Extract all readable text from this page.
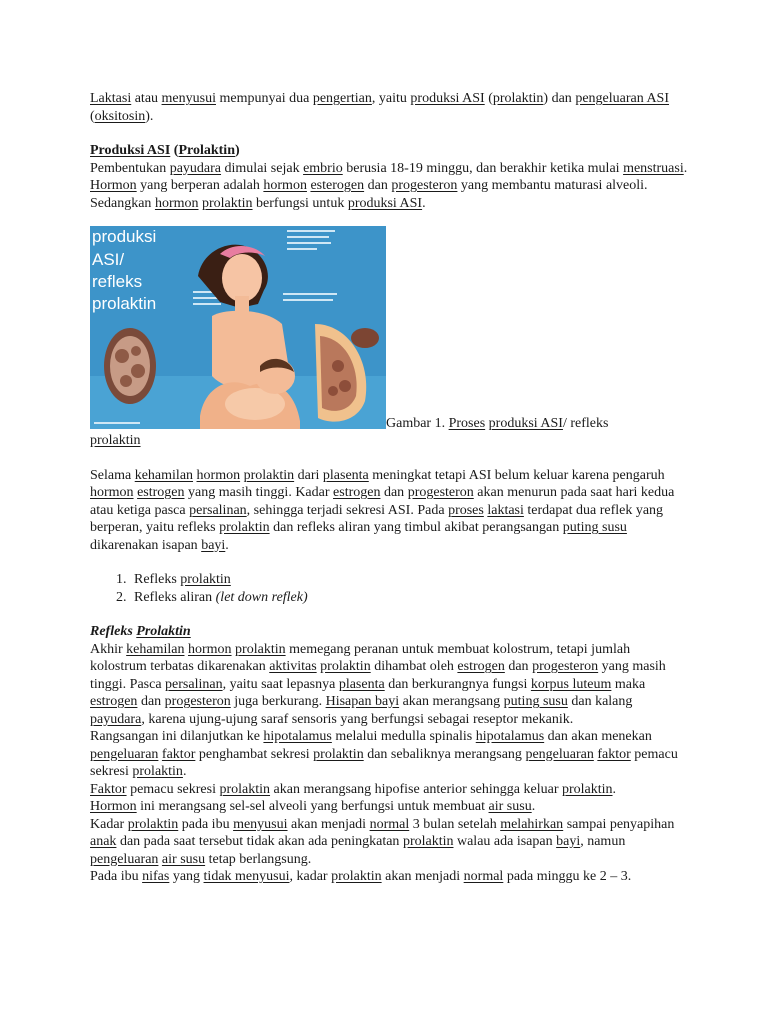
Laktasi atau menyusui mempunyai dua pengertian, yaitu produksi ASI (prolaktin) dan pengeluaran ASI (oksitosin).

Produksi ASI (Prolaktin)

Pembentukan payudara dimulai sejak embrio berusia 18-19 minggu, dan berakhir ketika mulai menstruasi. Hormon yang berperan adalah hormon esterogen dan progesteron yang membantu maturasi alveoli. Sedangkan hormon prolaktin berfungsi untuk produksi ASI.

produksi
ASI/
refleks
prolaktin
Gambar 1. Proses produksi ASI/ refleks

prolaktin

Selama kehamilan hormon prolaktin dari plasenta meningkat tetapi ASI belum keluar karena pengaruh hormon estrogen yang masih tinggi. Kadar estrogen dan progesteron akan menurun pada saat hari kedua atau ketiga pasca persalinan, sehingga terjadi sekresi ASI. Pada proses laktasi terdapat dua reflek yang berperan, yaitu refleks prolaktin dan refleks aliran yang timbul akibat perangsangan puting susu dikarenakan isapan bayi.

1. Refleks prolaktin
2. Refleks aliran (let down reflek)

Refleks Prolaktin

Akhir kehamilan hormon prolaktin memegang peranan untuk membuat kolostrum, tetapi jumlah kolostrum terbatas dikarenakan aktivitas prolaktin dihambat oleh estrogen dan progesteron yang masih tinggi. Pasca persalinan, yaitu saat lepasnya plasenta dan berkurangnya fungsi korpus luteum maka estrogen dan progesteron juga berkurang. Hisapan bayi akan merangsang puting susu dan kalang payudara, karena ujung-ujung saraf sensoris yang berfungsi sebagai reseptor mekanik.

Rangsangan ini dilanjutkan ke hipotalamus melalui medulla spinalis hipotalamus dan akan menekan pengeluaran faktor penghambat sekresi prolaktin dan sebaliknya merangsang pengeluaran faktor pemacu sekresi prolaktin.

Faktor pemacu sekresi prolaktin akan merangsang hipofise anterior sehingga keluar prolaktin.

Hormon ini merangsang sel-sel alveoli yang berfungsi untuk membuat air susu.

Kadar prolaktin pada ibu menyusui akan menjadi normal 3 bulan setelah melahirkan sampai penyapihan anak dan pada saat tersebut tidak akan ada peningkatan prolaktin walau ada isapan bayi, namun pengeluaran air susu tetap berlangsung.

Pada ibu nifas yang tidak menyusui, kadar prolaktin akan menjadi normal pada minggu ke 2 – 3.
